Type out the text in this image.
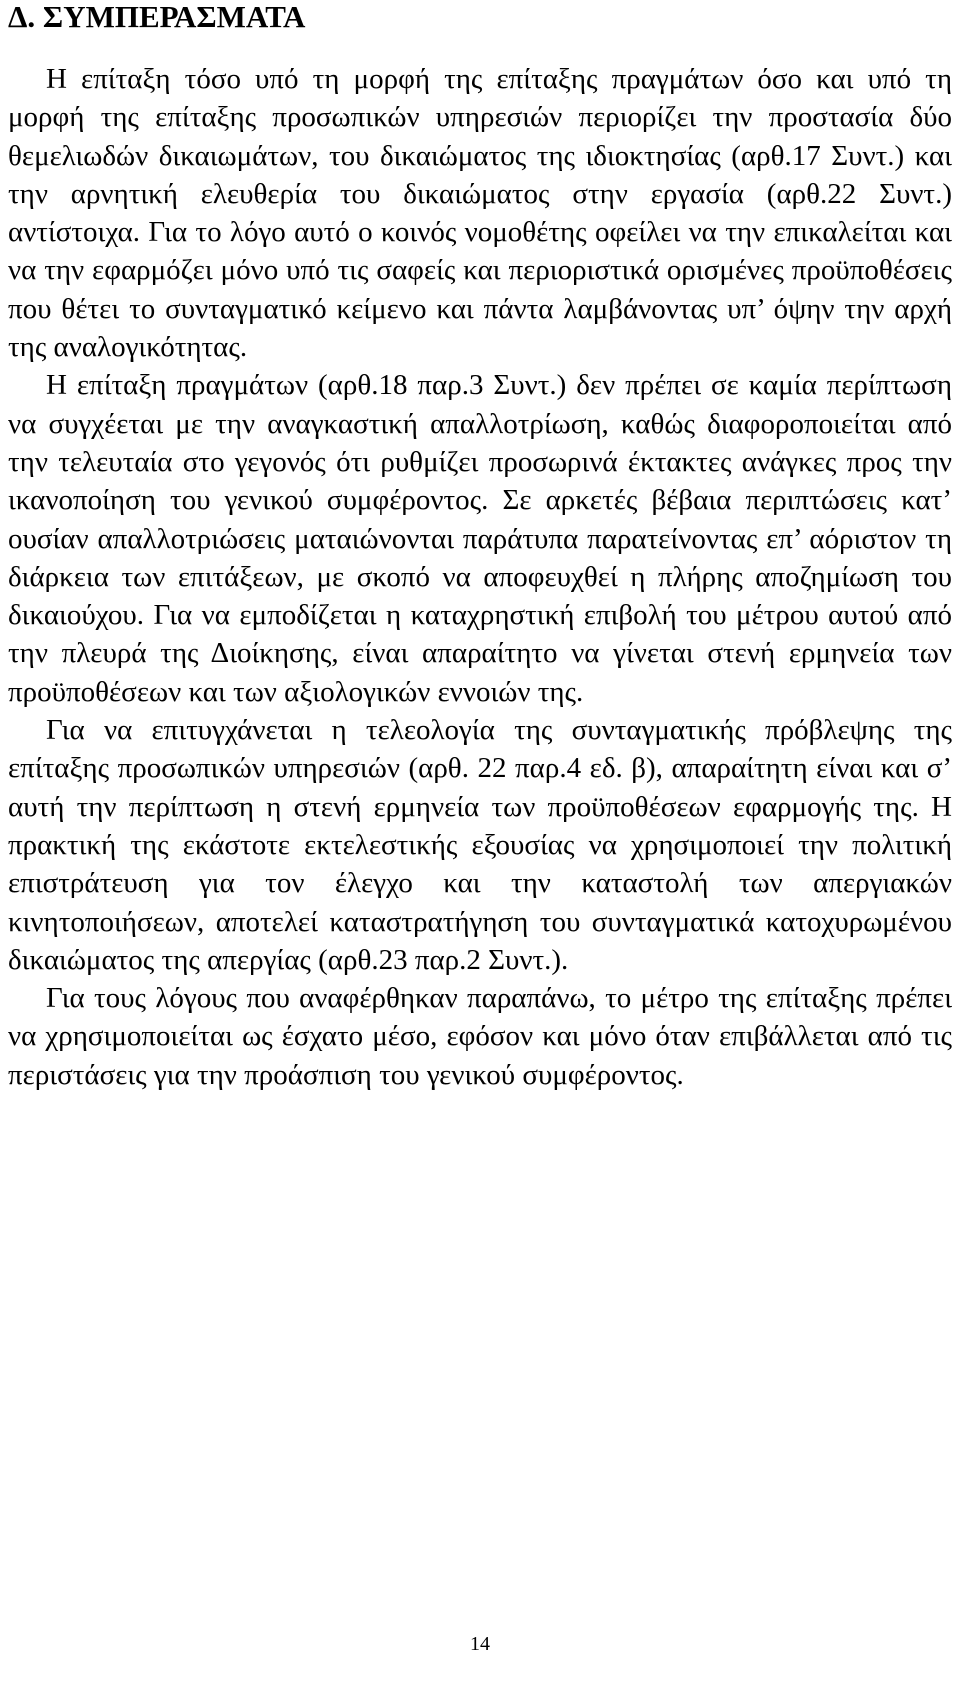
Δ. ΣΥΜΠΕΡΑΣΜΑΤΑ

Η επίταξη τόσο υπό τη μορφή της επίταξης πραγμάτων όσο και υπό τη μορφή της επίταξης προσωπικών υπηρεσιών περιορίζει την προστασία δύο θεμελιωδών δικαιωμάτων, του δικαιώματος της ιδιοκτησίας (αρθ.17 Συντ.) και την αρνητική ελευθερία του δικαιώματος στην εργασία (αρθ.22 Συντ.) αντίστοιχα. Για το λόγο αυτό ο κοινός νομοθέτης οφείλει να την επικαλείται και να την εφαρμόζει μόνο υπό τις σαφείς και περιοριστικά ορισμένες προϋποθέσεις που θέτει το συνταγματικό κείμενο και πάντα λαμβάνοντας υπ’ όψην την αρχή της αναλογικότητας.

Η επίταξη πραγμάτων (αρθ.18 παρ.3 Συντ.) δεν πρέπει σε καμία περίπτωση να συγχέεται με την αναγκαστική απαλλοτρίωση, καθώς διαφοροποιείται από την τελευταία στο γεγονός ότι ρυθμίζει προσωρινά έκτακτες ανάγκες προς την ικανοποίηση του γενικού συμφέροντος. Σε αρκετές βέβαια περιπτώσεις κατ’ ουσίαν απαλλοτριώσεις ματαιώνονται παράτυπα παρατείνοντας επ’ αόριστον τη διάρκεια των επιτάξεων, με σκοπό να αποφευχθεί η πλήρης αποζημίωση του δικαιούχου. Για να εμποδίζεται η καταχρηστική επιβολή του μέτρου αυτού από την πλευρά της Διοίκησης, είναι απαραίτητο να γίνεται στενή ερμηνεία των προϋποθέσεων και των αξιολογικών εννοιών της.

Για να επιτυγχάνεται η τελεολογία της συνταγματικής πρόβλεψης της επίταξης προσωπικών υπηρεσιών (αρθ. 22 παρ.4 εδ. β), απαραίτητη είναι και σ’ αυτή την περίπτωση η στενή ερμηνεία των προϋποθέσεων εφαρμογής της. Η πρακτική της εκάστοτε εκτελεστικής εξουσίας να χρησιμοποιεί την πολιτική επιστράτευση για τον έλεγχο και την καταστολή των απεργιακών κινητοποιήσεων, αποτελεί καταστρατήγηση του συνταγματικά κατοχυρωμένου δικαιώματος της απεργίας (αρθ.23 παρ.2 Συντ.).

Για τους λόγους που αναφέρθηκαν παραπάνω, το μέτρο της επίταξης πρέπει να χρησιμοποιείται ως έσχατο μέσο, εφόσον και μόνο όταν επιβάλλεται από τις περιστάσεις για την προάσπιση του γενικού συμφέροντος.

14
